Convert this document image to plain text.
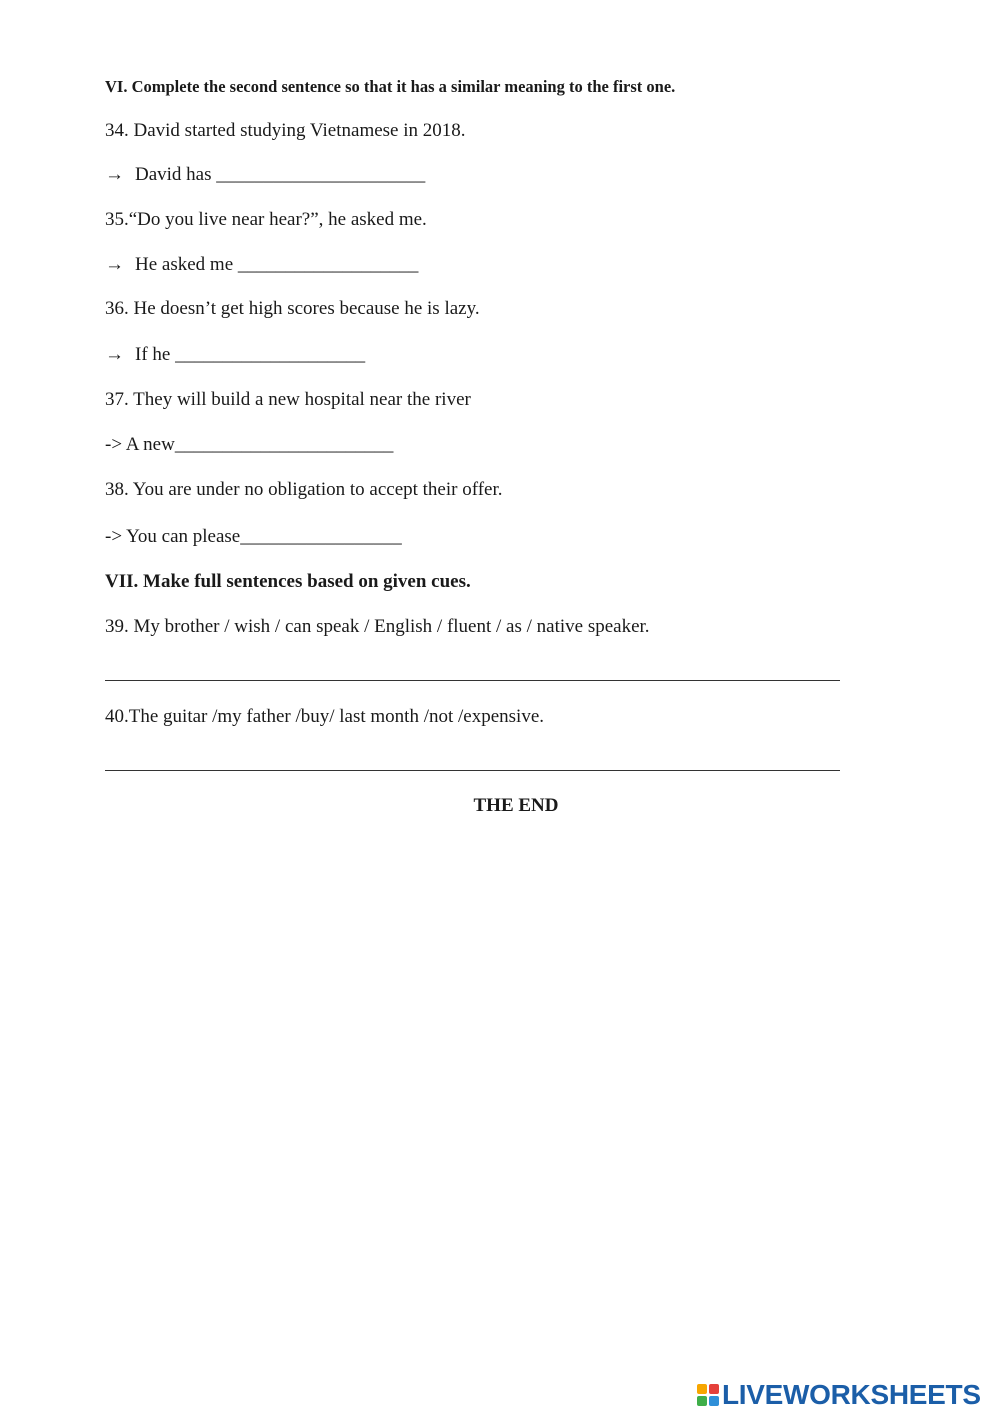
VI. Complete the second sentence so that it has a similar meaning to the first one.
34. David started studying Vietnamese in 2018.
→ David has ______________________
35.“Do you live near hear?”, he asked me.
→ He asked me ___________________
36. He doesn’t get high scores because he is lazy.
→ If he ____________________
37. They will build a new hospital near the river
-> A new_______________________
38. You are under no obligation to accept their offer.
-> You can please_________________
VII. Make full sentences based on given cues.
39. My brother / wish / can speak / English / fluent / as / native speaker.
40.The guitar /my father /buy/ last month /not /expensive.
THE END
LIVEWORKSHEETS
